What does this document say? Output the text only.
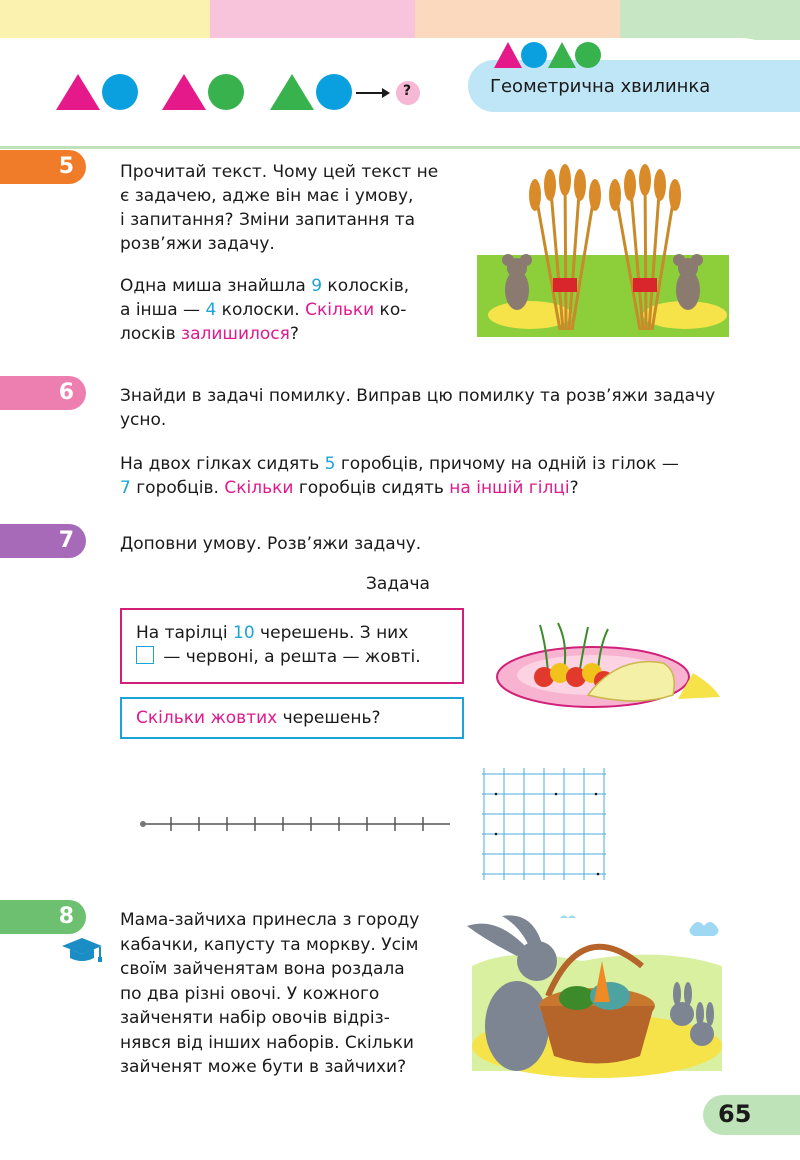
?	Геометрична хвилинка
5	Прочитай текст. Чому цей текст не

є задачею, адже він має і умову,

і запитання? Зміни запитання та

розв’яжи задачу.

Одна миша знайшла 9 колосків,

а інша — 4 колоски. Скільки ко-

лосків залишилося?

6	Знайди в задачі помилку. Виправ цю помилку та розв’яжи задачу

усно.

На двох гілках сидять 5 горобців, причому на одній із гілок —

7 горобців. Скільки горобців сидять на іншій гілці?

7	Доповни умову. Розв’яжи задачу.
Задача

На тарілці 10 черешень. З них

— червоні, а решта — жовті.

Скільки жовтих черешень?
8	Мама-зайчиха принесла з городу

кабачки, капусту та моркву. Усім

своїм зайченятам вона роздала

по два різні овочі. У кожного

зайченяти набір овочів відріз-

нявся від інших наборів. Скільки

зайченят може бути в зайчихи?

65
